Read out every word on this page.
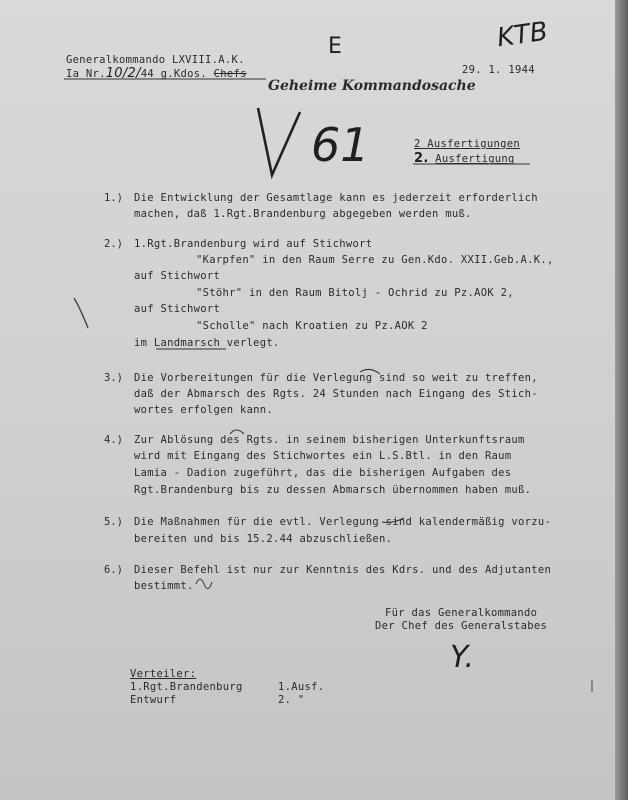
Generalkommando LXVIII.A.K.
Ia Nr.10/2/44 g.Kdos. Chefs
Geheime Kommandosache
29. 1. 1944
KTB
E
61	2 Ausfertigungen
2. Ausfertigung
1.) Die Entwicklung der Gesamtlage kann es jederzeit erforderlich
machen, daß 1.Rgt.Brandenburg abgegeben werden muß.
2.) 1.Rgt.Brandenburg wird auf Stichwort
"Karpfen" in den Raum Serre zu Gen.Kdo. XXII.Geb.A.K.,
auf Stichwort
"Stöhr" in den Raum Bitolj - Ochrid zu Pz.AOK 2,
auf Stichwort
"Scholle" nach Kroatien zu Pz.AOK 2
im Landmarsch verlegt.
3.) Die Vorbereitungen für die Verlegung sind so weit zu treffen,
daß der Abmarsch des Rgts. 24 Stunden nach Eingang des Stich-
wortes erfolgen kann.
4.) Zur Ablösung des Rgts. in seinem bisherigen Unterkunftsraum
wird mit Eingang des Stichwortes ein L.S.Btl. in den Raum
Lamia - Dadion zugeführt, das die bisherigen Aufgaben des
Rgt.Brandenburg bis zu dessen Abmarsch übernommen haben muß.
5.) Die Maßnahmen für die evtl. Verlegung sind kalendermäßig vorzu-
bereiten und bis 15.2.44 abzuschließen.
6.) Dieser Befehl ist nur zur Kenntnis des Kdrs. und des Adjutanten
bestimmt.
Für das Generalkommando
Der Chef des Generalstabes
Y.
Verteiler:
1.Rgt.Brandenburg	1.Ausf.
Entwurf	2. "
